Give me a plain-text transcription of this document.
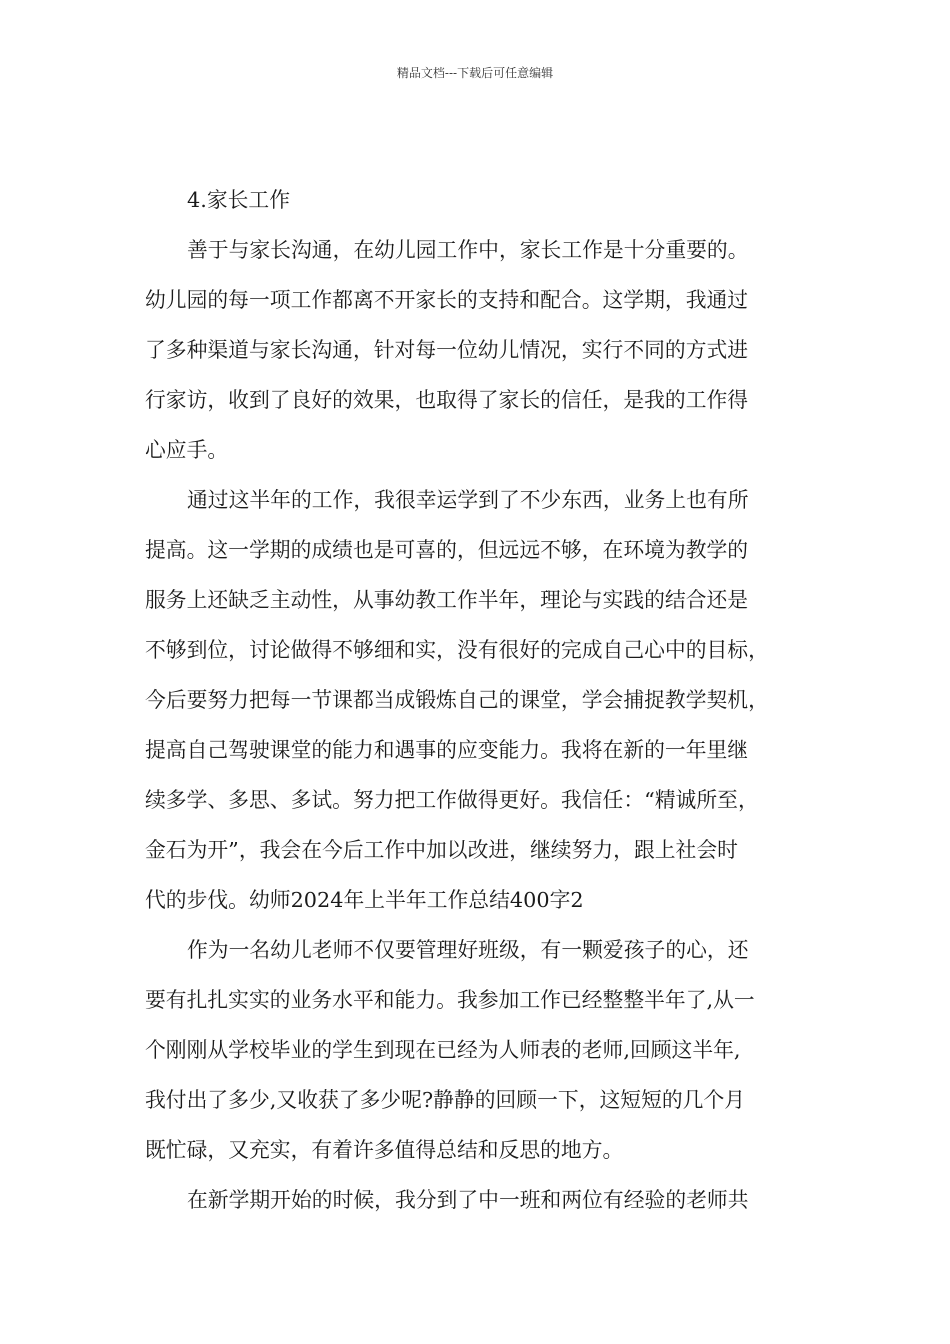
精品文档---下载后可任意编辑

4.家长工作

善于与家长沟通，在幼儿园工作中，家长工作是十分重要的。

幼儿园的每一项工作都离不开家长的支持和配合。这学期，我通过

了多种渠道与家长沟通，针对每一位幼儿情况，实行不同的方式进

行家访，收到了良好的效果，也取得了家长的信任，是我的工作得

心应手。

通过这半年的工作，我很幸运学到了不少东西，业务上也有所

提高。这一学期的成绩也是可喜的，但远远不够，在环境为教学的

服务上还缺乏主动性，从事幼教工作半年，理论与实践的结合还是

不够到位，讨论做得不够细和实，没有很好的完成自己心中的目标，

今后要努力把每一节课都当成锻炼自己的课堂，学会捕捉教学契机，

提高自己驾驶课堂的能力和遇事的应变能力。我将在新的一年里继

续多学、多思、多试。努力把工作做得更好。我信任：“精诚所至，

金石为开”，我会在今后工作中加以改进，继续努力，跟上社会时

代的步伐。幼师2024年上半年工作总结400字2

作为一名幼儿老师不仅要管理好班级，有一颗爱孩子的心，还

要有扎扎实实的业务水平和能力。我参加工作已经整整半年了,从一

个刚刚从学校毕业的学生到现在已经为人师表的老师,回顾这半年,

我付出了多少,又收获了多少呢?静静的回顾一下，这短短的几个月

既忙碌，又充实，有着许多值得总结和反思的地方。

在新学期开始的时候，我分到了中一班和两位有经验的老师共
